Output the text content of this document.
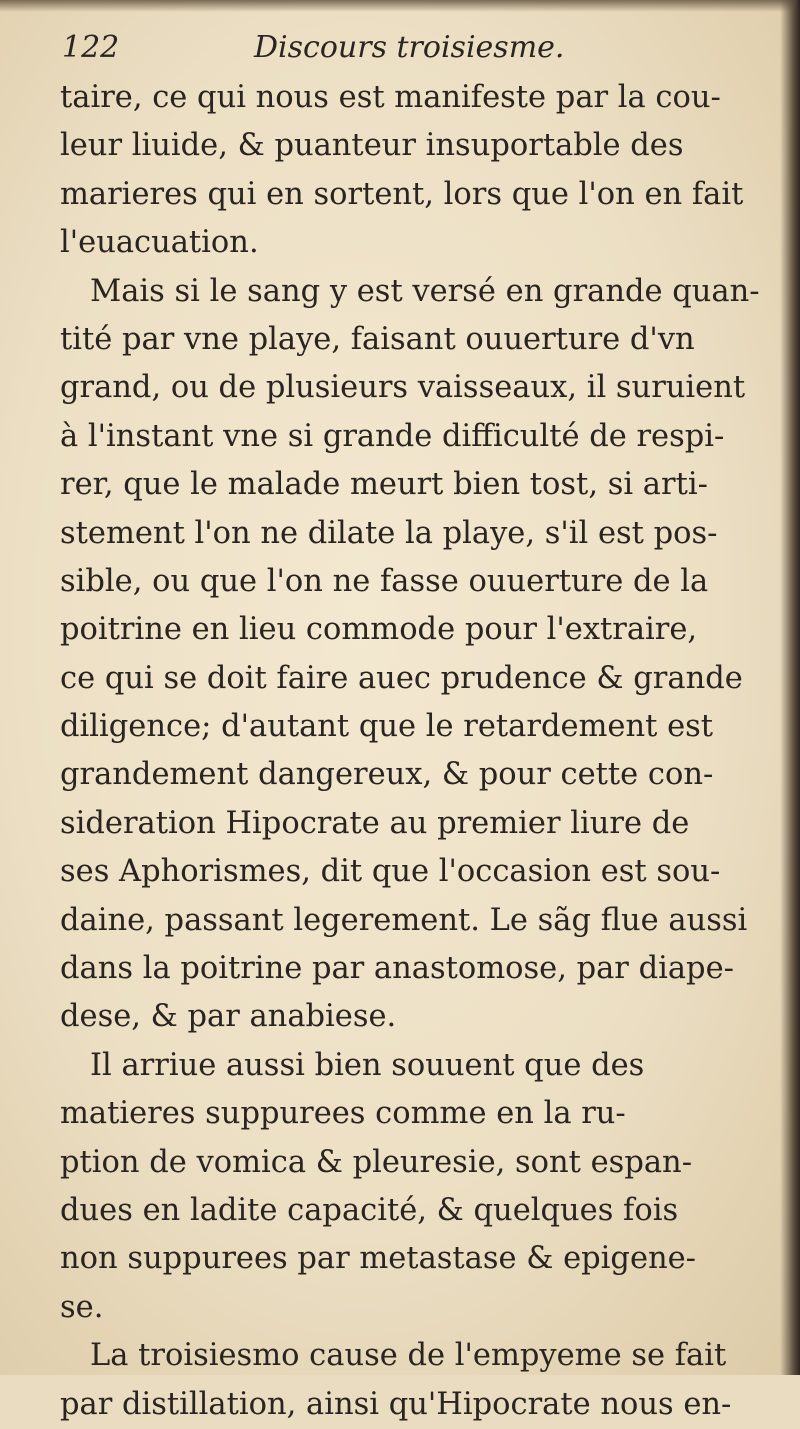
122	Discours troisiesme.
taire, ce qui nous est manifeste par la cou-
leur liuide, & puanteur insuportable des
marieres qui en sortent, lors que l'on en fait
l'euacuation.
Mais si le sang y est versé en grande quan-
tité par vne playe, faisant ouuerture d'vn
grand, ou de plusieurs vaisseaux, il suruient
à l'instant vne si grande difficulté de respi-
rer, que le malade meurt bien tost, si arti-
stement l'on ne dilate la playe, s'il est pos-
sible, ou que l'on ne fasse ouuerture de la
poitrine en lieu commode pour l'extraire,
ce qui se doit faire auec prudence & grande
diligence; d'autant que le retardement est
grandement dangereux, & pour cette con-
sideration Hipocrate au premier liure de
ses Aphorismes, dit que l'occasion est sou-
daine, passant legerement. Le sãg flue aussi
dans la poitrine par anastomose, par diape-
dese, & par anabiese.
Il arriue aussi bien souuent que des
matieres suppurees comme en la ru-
ption de vomica & pleuresie, sont espan-
dues en ladite capacité, & quelques fois
non suppurees par metastase & epigene-
se.
La troisiesmo cause de l'empyeme se fait
par distillation, ainsi qu'Hipocrate nous en-
